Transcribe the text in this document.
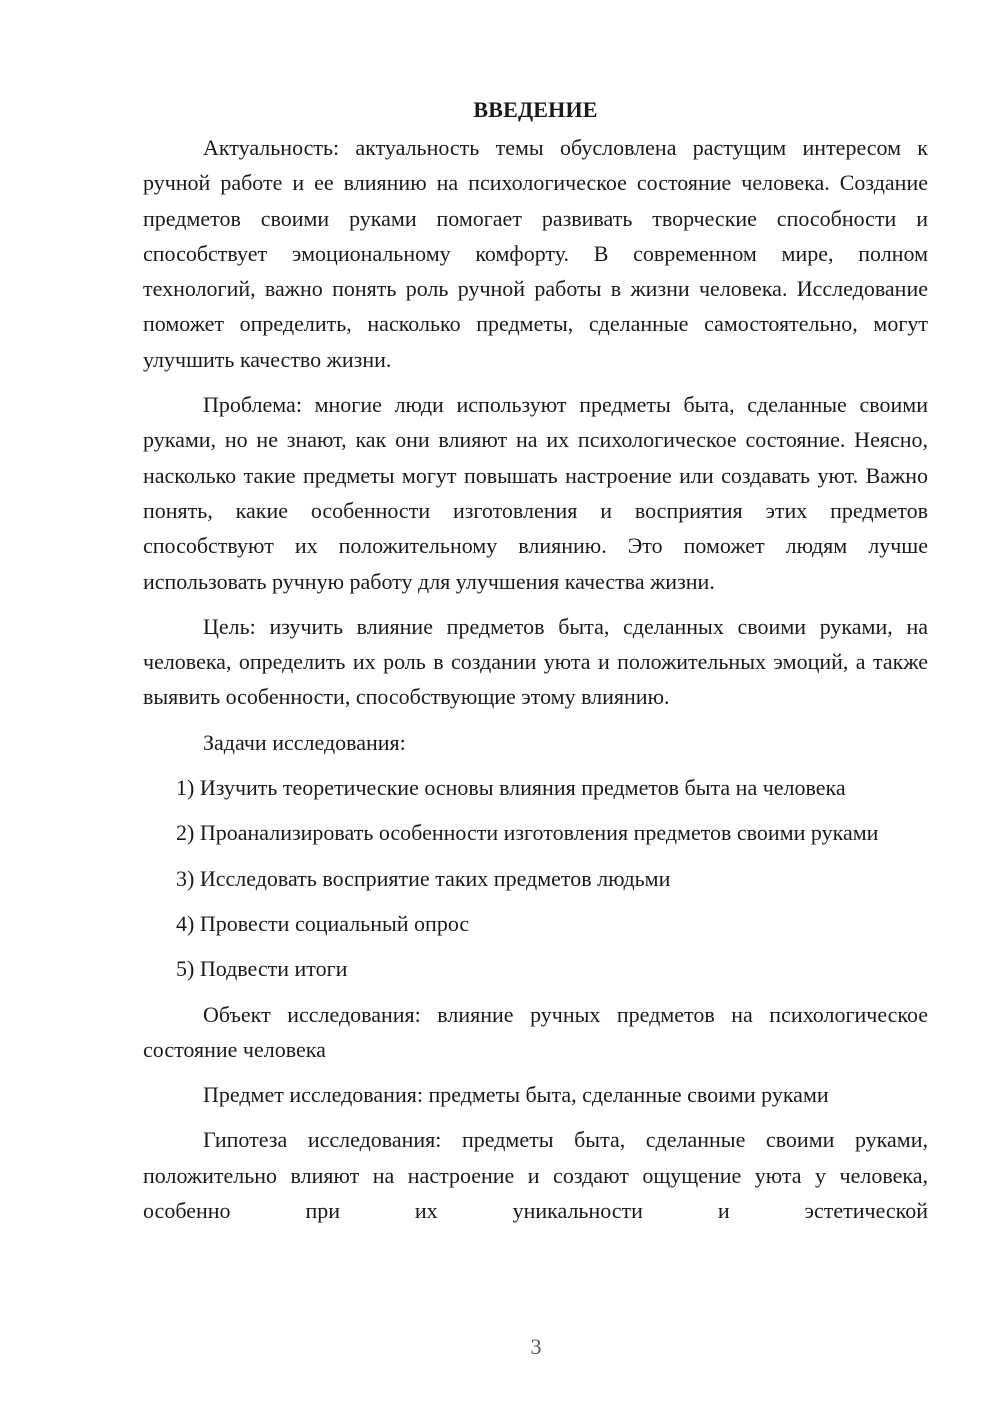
ВВЕДЕНИЕ

Актуальность: актуальность темы обусловлена растущим интересом к ручной работе и ее влиянию на психологическое состояние человека. Создание предметов своими руками помогает развивать творческие способности и способствует эмоциональному комфорту. В современном мире, полном технологий, важно понять роль ручной работы в жизни человека. Исследование поможет определить, насколько предметы, сделанные самостоятельно, могут улучшить качество жизни.

Проблема: многие люди используют предметы быта, сделанные своими руками, но не знают, как они влияют на их психологическое состояние. Неясно, насколько такие предметы могут повышать настроение или создавать уют. Важно понять, какие особенности изготовления и восприятия этих предметов способствуют их положительному влиянию. Это поможет людям лучше использовать ручную работу для улучшения качества жизни.

Цель: изучить влияние предметов быта, сделанных своими руками, на человека, определить их роль в создании уюта и положительных эмоций, а также выявить особенности, способствующие этому влиянию.

Задачи исследования:

1) Изучить теоретические основы влияния предметов быта на человека

2) Проанализировать особенности изготовления предметов своими руками

3) Исследовать восприятие таких предметов людьми

4) Провести социальный опрос

5) Подвести итоги

Объект исследования: влияние ручных предметов на психологическое состояние человека

Предмет исследования: предметы быта, сделанные своими руками

Гипотеза исследования: предметы быта, сделанные своими руками, положительно влияют на настроение и создают ощущение уюта у человека, особенно при их уникальности и эстетической

3
